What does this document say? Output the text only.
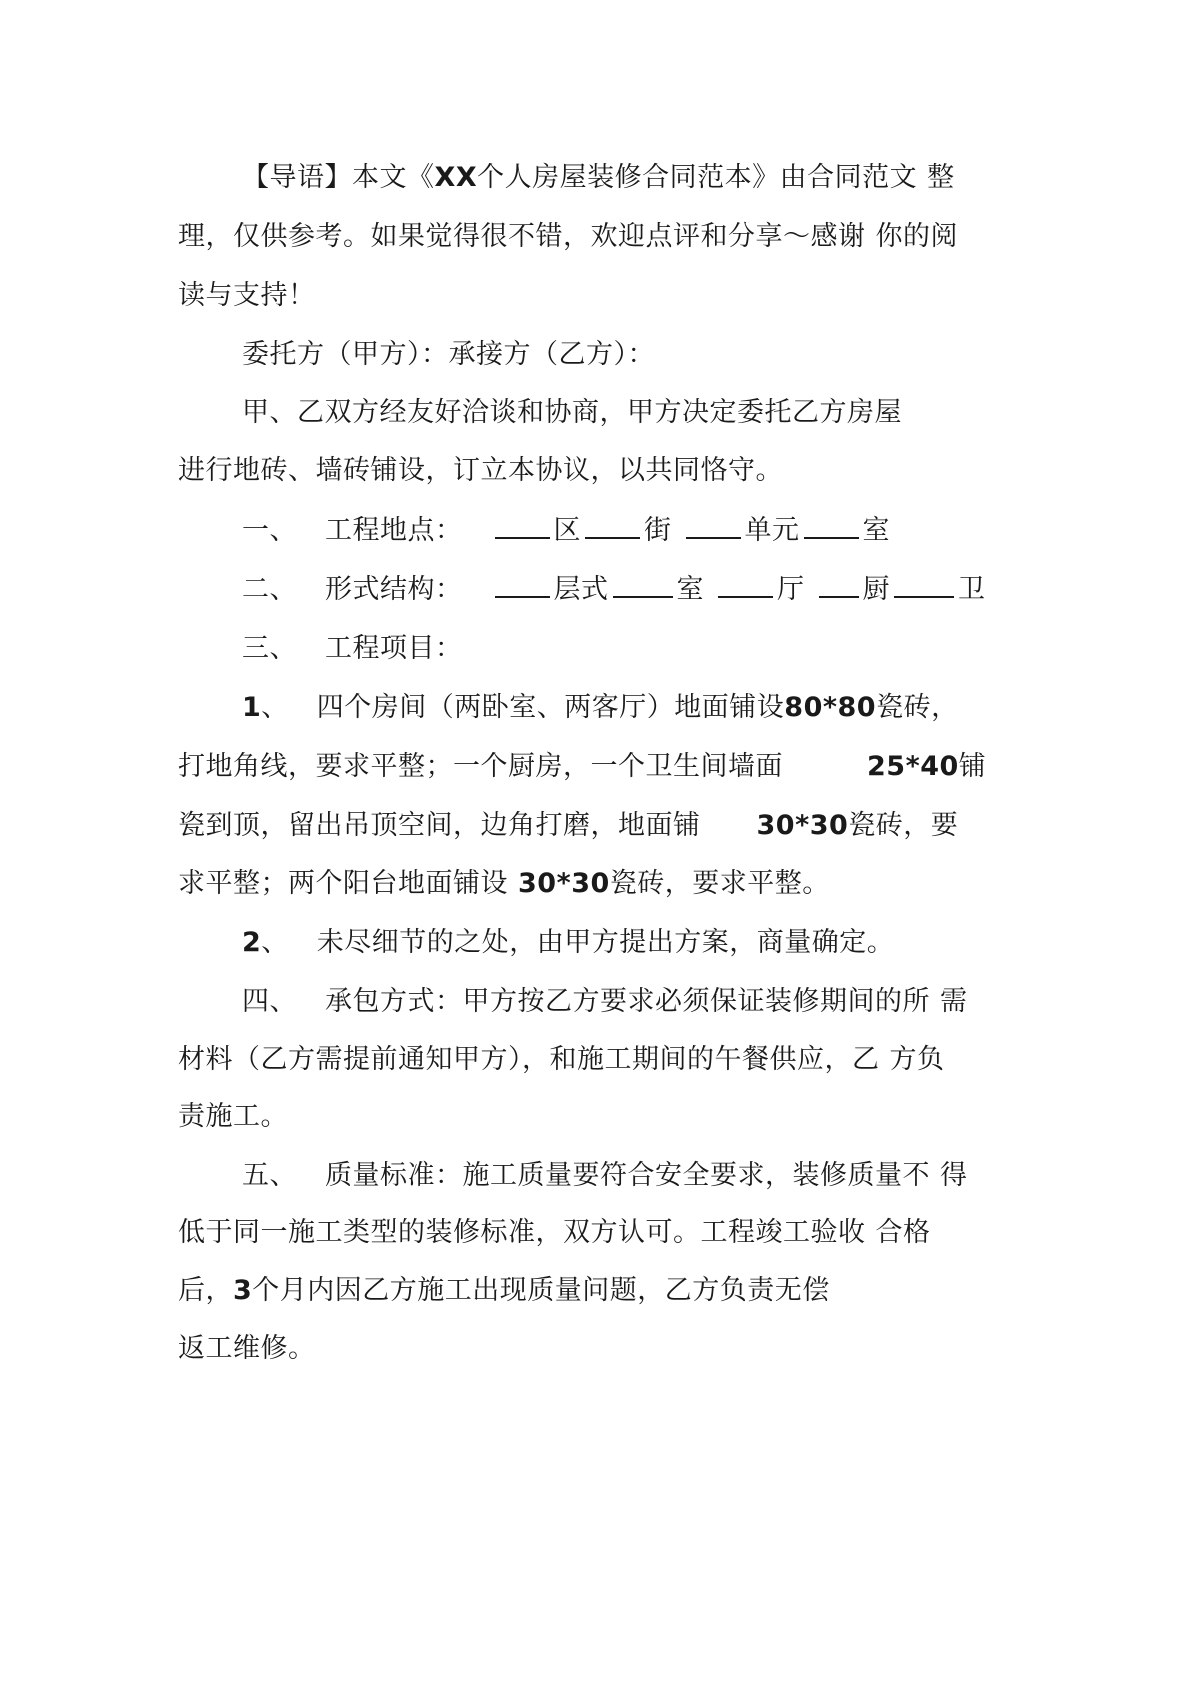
【导语】本文《XX个人房屋装修合同范本》由合同范文 整
理，仅供参考。如果觉得很不错，欢迎点评和分享～感谢 你的阅
读与支持！
委托方（甲方）：承接方（乙方）：
甲、乙双方经友好洽谈和协商，甲方决定委托乙方房屋
进行地砖、墙砖铺设，订立本协议，以共同恪守。
一、 工程地点：	区 街	单元 室
二、 形式结构：	层式	室	厅 厨	卫
三、 工程项目：
1、 四个房间（两卧室、两客厅）地面铺设80*80瓷砖，
打地角线，要求平整；一个厨房，一个卫生间墙面	25*40铺
瓷到顶，留出吊顶空间，边角打磨，地面铺 30*30瓷砖，要
求平整；两个阳台地面铺设 30*30瓷砖，要求平整。
2、 未尽细节的之处，由甲方提出方案，商量确定。
四、 承包方式：甲方按乙方要求必须保证装修期间的所 需
材料（乙方需提前通知甲方），和施工期间的午餐供应，乙 方负
责施工。
五、 质量标准：施工质量要符合安全要求，装修质量不 得
低于同一施工类型的装修标准，双方认可。工程竣工验收 合格
后，3个月内因乙方施工出现质量问题，乙方负责无偿
返工维修。
